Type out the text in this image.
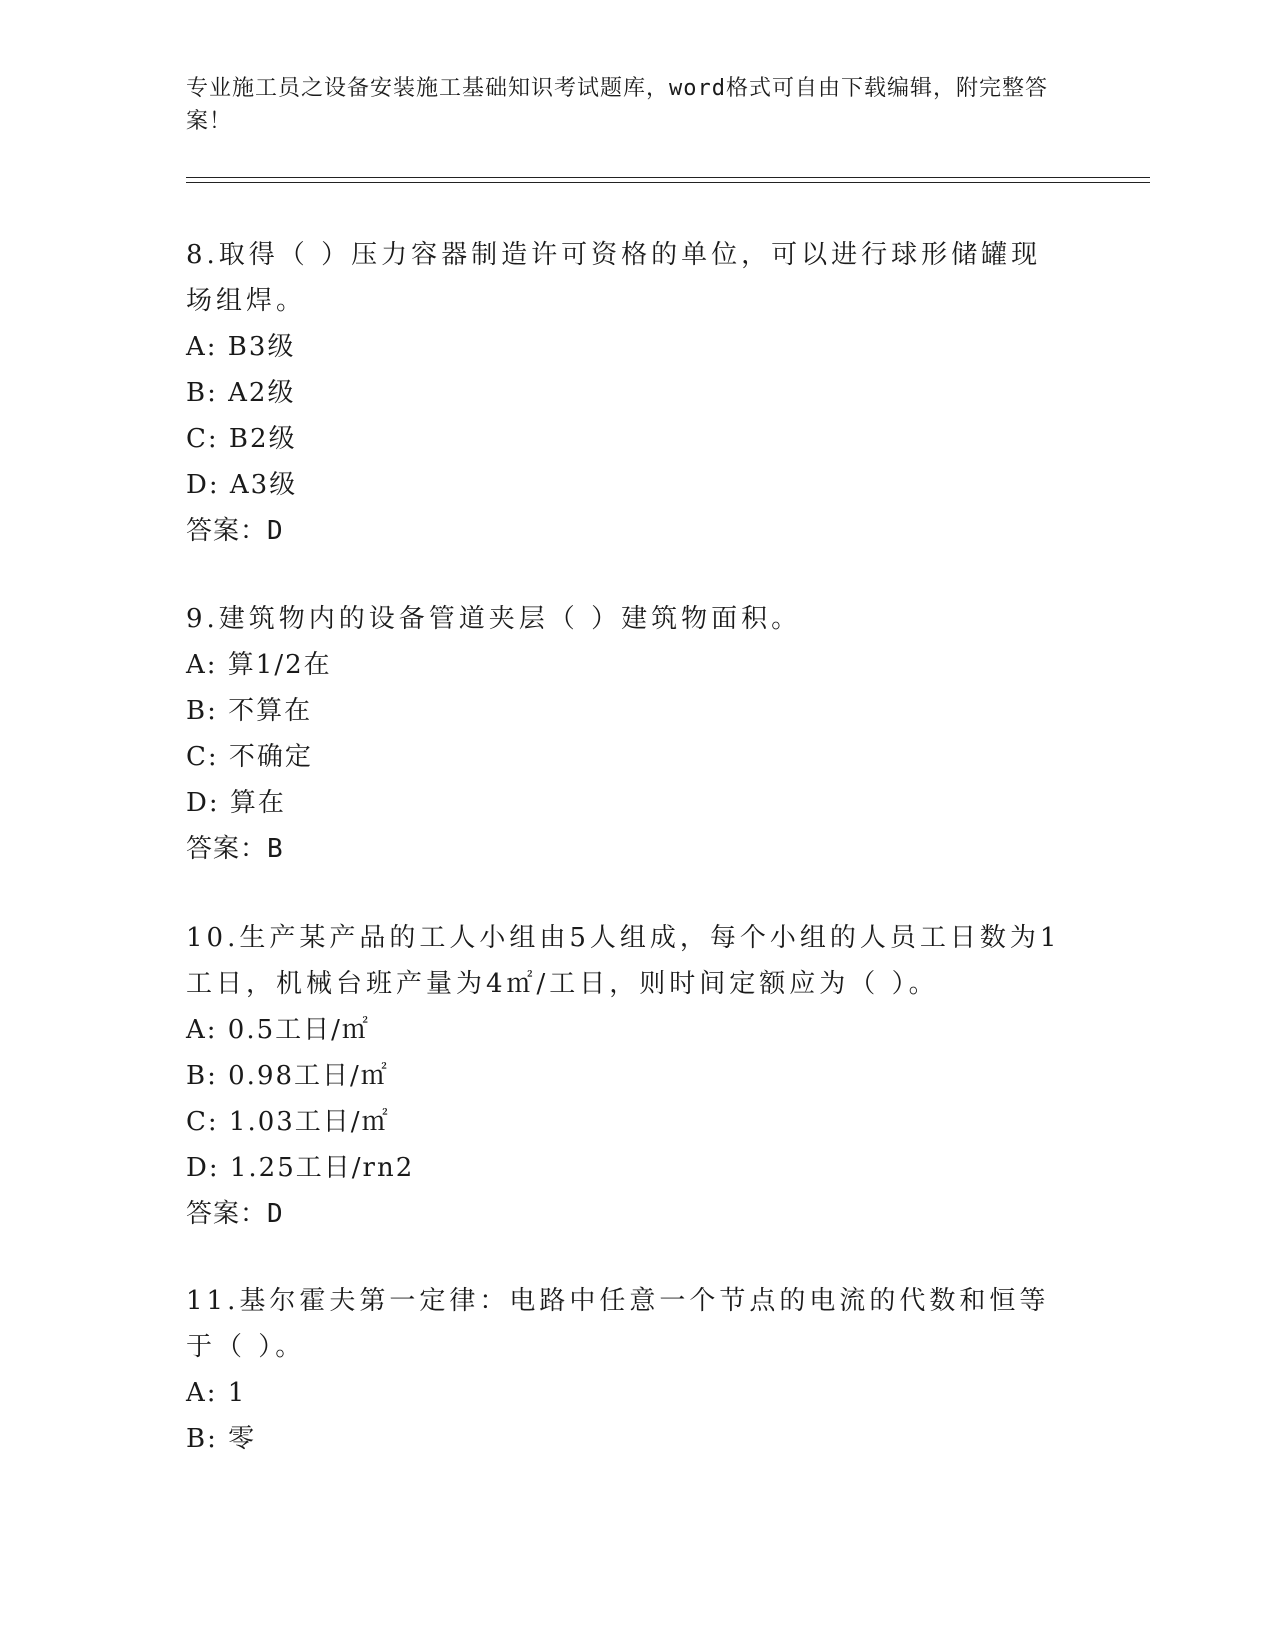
专业施工员之设备安装施工基础知识考试题库，word格式可自由下载编辑，附完整答案！

8.取得（ ）压力容器制造许可资格的单位，可以进行球形储罐现场组焊。

A: B3级

B: A2级

C: B2级

D: A3级

答案：D

9.建筑物内的设备管道夹层（ ）建筑物面积。

A: 算1/2在

B: 不算在

C: 不确定

D: 算在

答案：B

10.生产某产品的工人小组由5人组成，每个小组的人员工日数为1工日，机械台班产量为4㎡/工日，则时间定额应为（ ）。

A: 0.5工日/㎡

B: 0.98工日/㎡

C: 1.03工日/㎡

D: 1.25工日/rn2

答案：D

11.基尔霍夫第一定律：电路中任意一个节点的电流的代数和恒等于（ ）。

A: 1

B: 零
